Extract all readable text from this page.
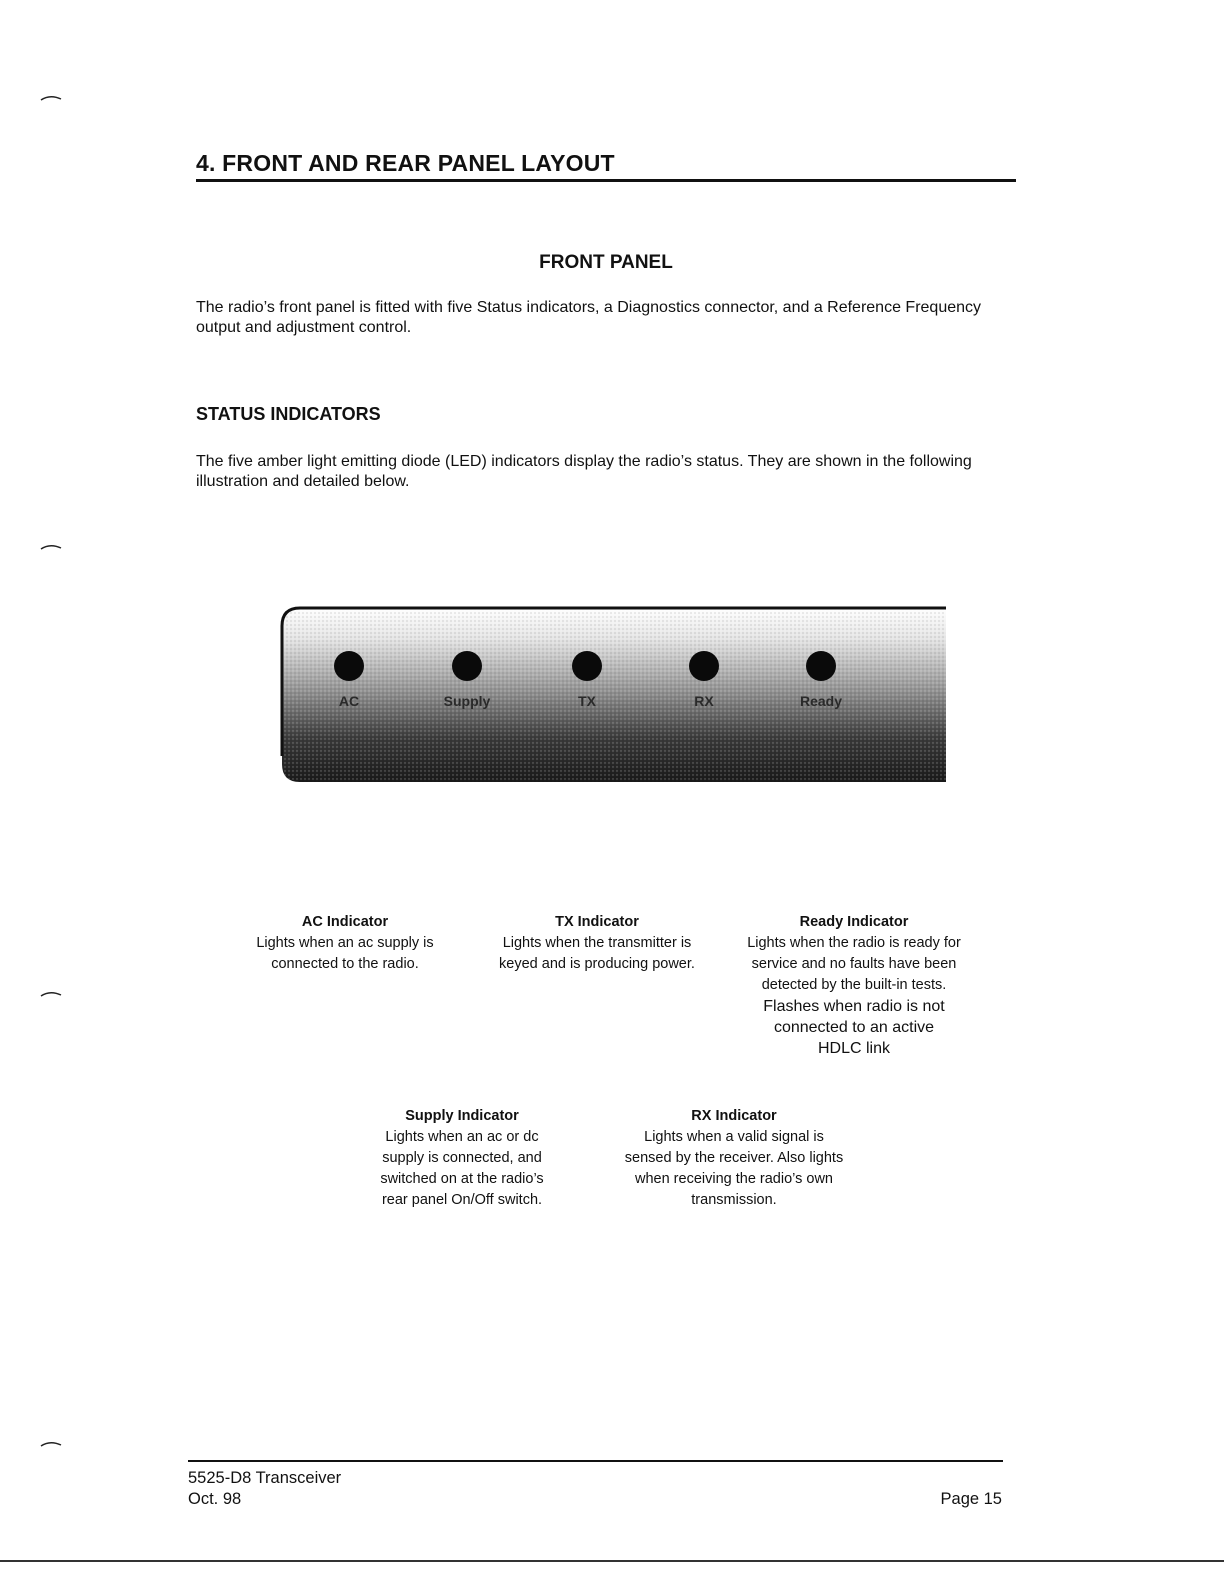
4. FRONT AND REAR PANEL LAYOUT
FRONT PANEL
The radio’s front panel is fitted with five Status indicators, a Diagnostics connector, and a Reference Frequency output and adjustment control.
STATUS INDICATORS
The five amber light emitting diode (LED) indicators display the radio’s status. They are shown in the following illustration and detailed below.
AC	Supply	TX	RX	Ready
AC Indicator
Lights when an ac supply is connected to the radio.
TX Indicator
Lights when the transmitter is keyed and is producing power.
Ready Indicator
Lights when the radio is ready for service and no faults have been detected by the built-in tests.
Flashes when radio is not connected to an active HDLC link
Supply Indicator
Lights when an ac or dc supply is connected, and switched on at the radio’s rear panel On/Off switch.
RX Indicator
Lights when a valid signal is sensed by the receiver. Also lights when receiving the radio’s own transmission.
5525-D8 Transceiver
Oct. 98	Page 15
